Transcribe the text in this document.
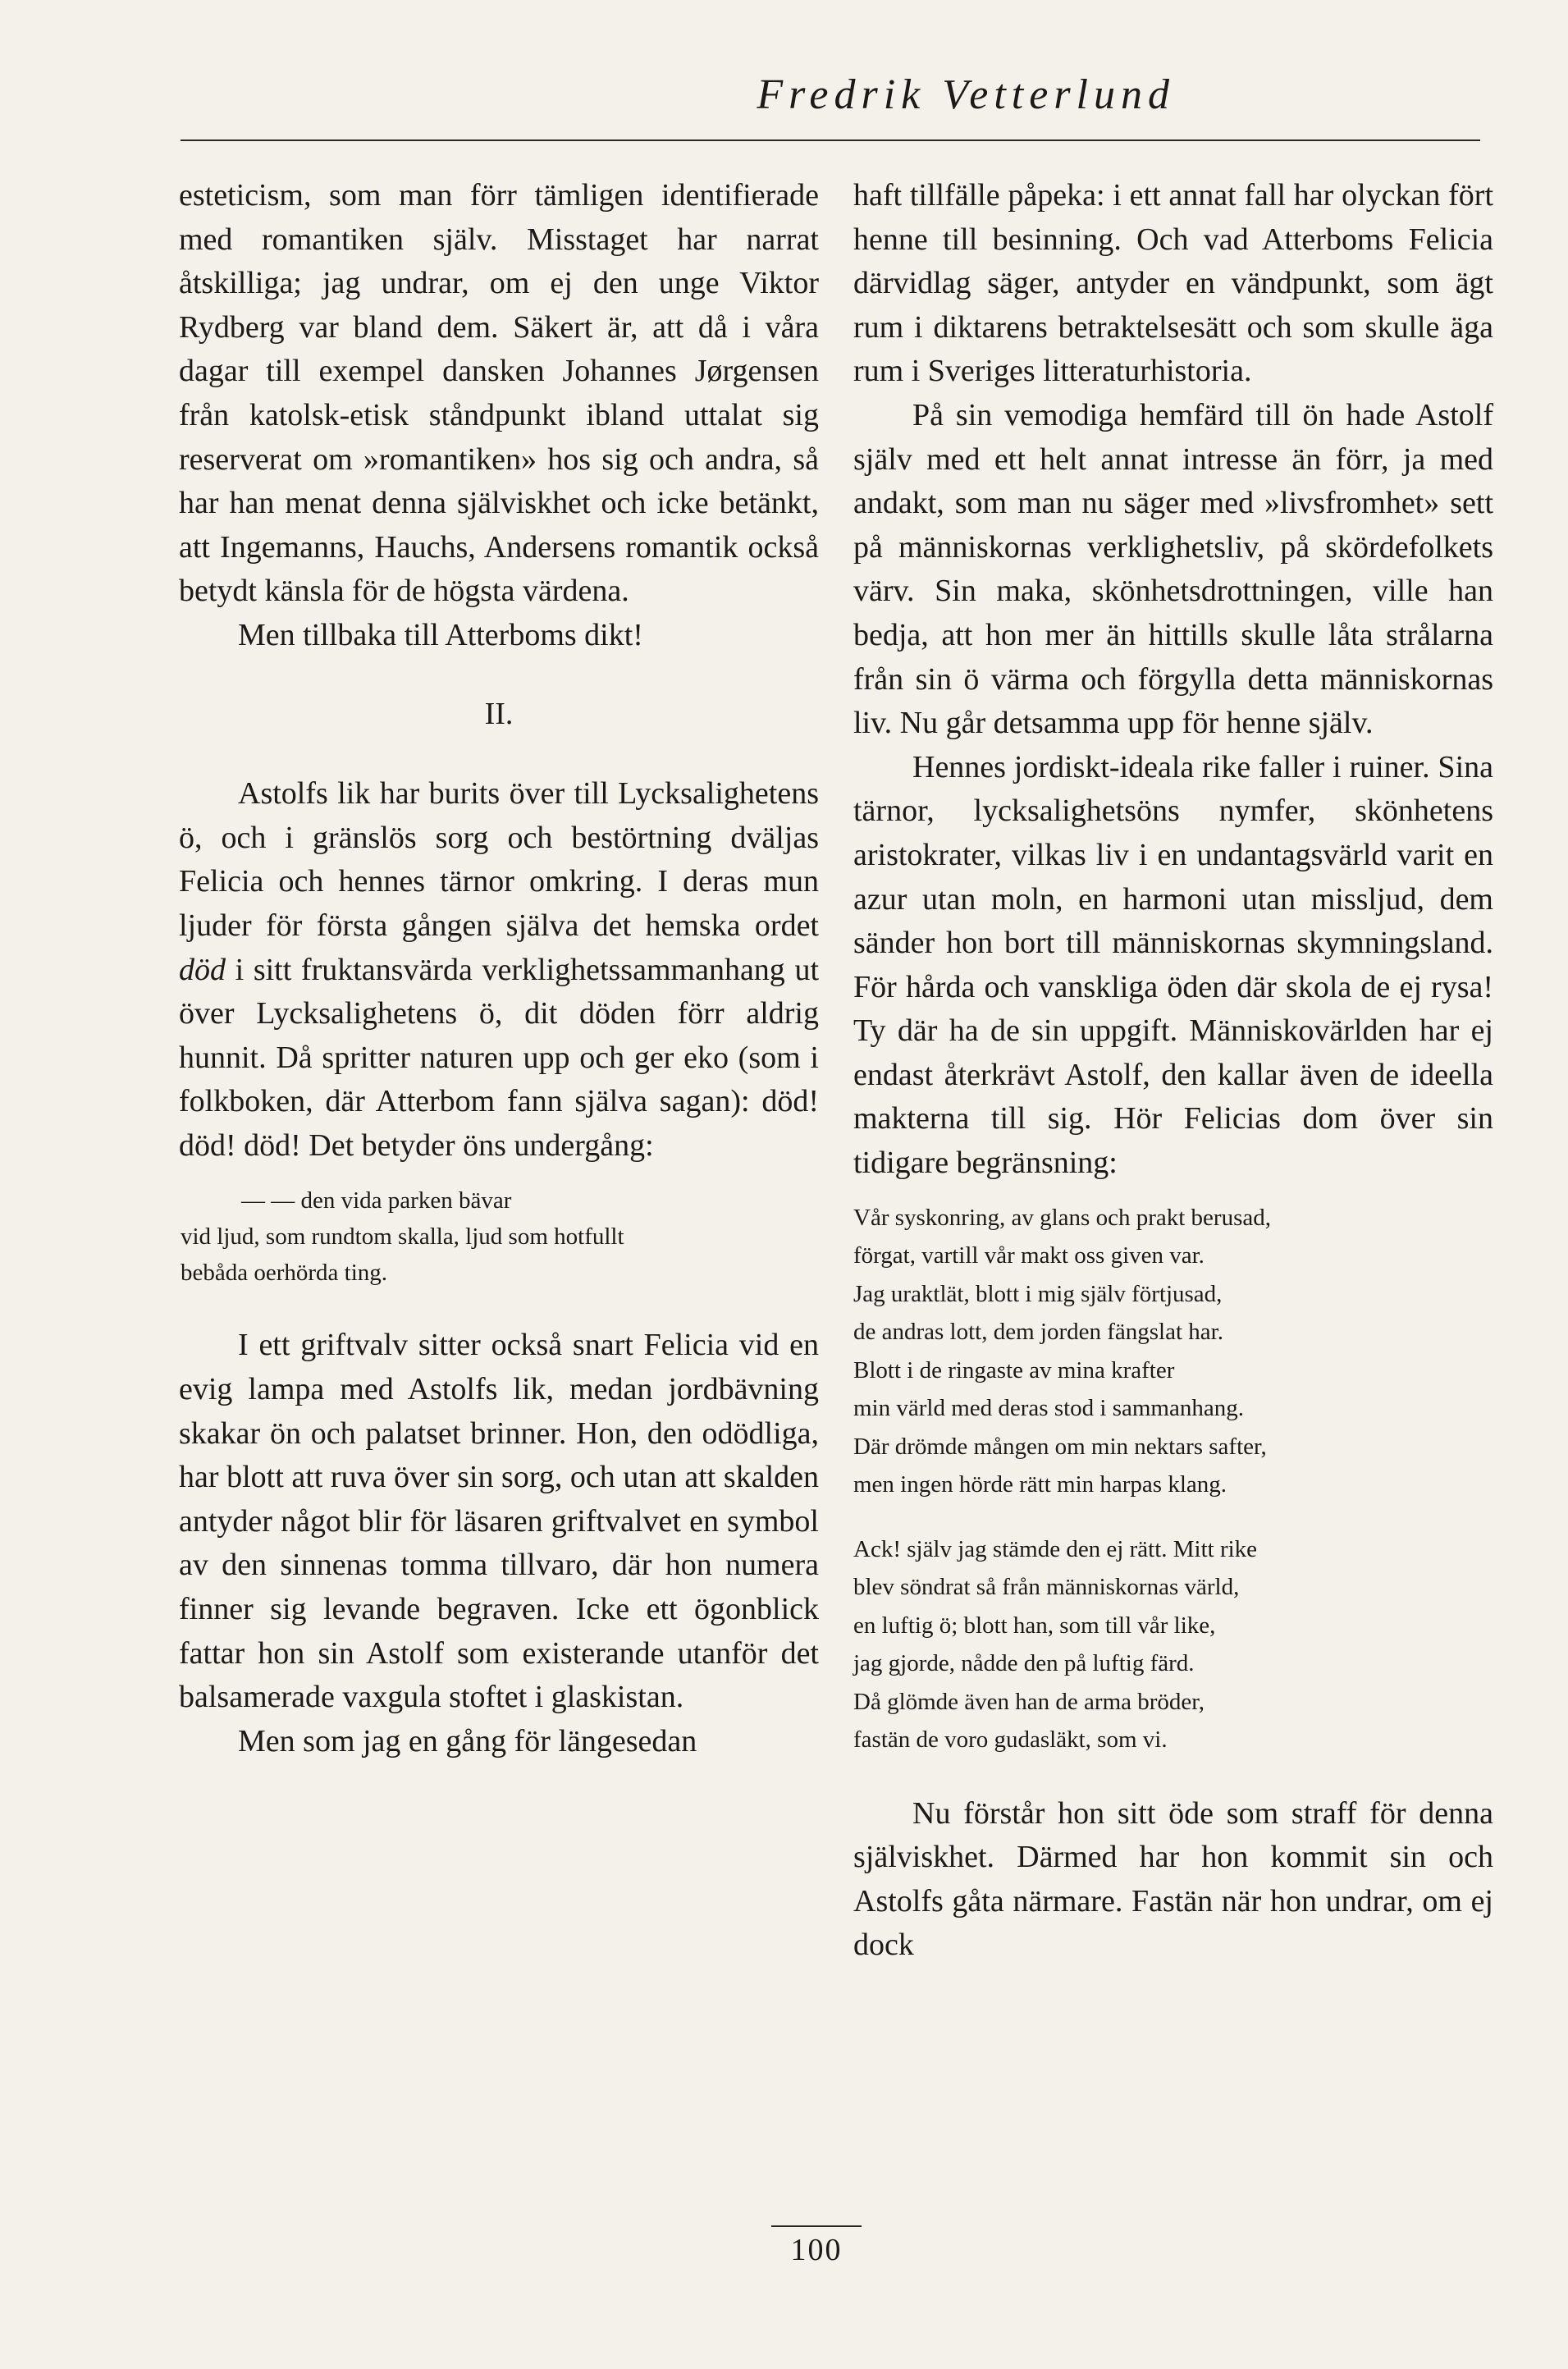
Fredrik Vetterlund

esteticism, som man förr tämligen identifierade med romantiken själv. Misstaget har narrat åtskilliga; jag undrar, om ej den unge Viktor Rydberg var bland dem. Säkert är, att då i våra dagar till exempel dansken Johannes Jørgensen från katolsk-etisk ståndpunkt ibland uttalat sig reserverat om »romantiken» hos sig och andra, så har han menat denna själviskhet och icke betänkt, att Ingemanns, Hauchs, Andersens romantik också betydt känsla för de högsta värdena.

Men tillbaka till Atterboms dikt!

II.

Astolfs lik har burits över till Lycksalighetens ö, och i gränslös sorg och bestörtning dväljas Felicia och hennes tärnor omkring. I deras mun ljuder för första gången själva det hemska ordet död i sitt fruktansvärda verklighetssammanhang ut över Lycksalighetens ö, dit döden förr aldrig hunnit. Då spritter naturen upp och ger eko (som i folkboken, där Atterbom fann själva sagan): död! död! död! Det betyder öns undergång:

— — den vida parken bävar
vid ljud, som rundtom skalla, ljud som hotfullt
bebåda oerhörda ting.

I ett griftvalv sitter också snart Felicia vid en evig lampa med Astolfs lik, medan jordbävning skakar ön och palatset brinner. Hon, den odödliga, har blott att ruva över sin sorg, och utan att skalden antyder något blir för läsaren griftvalvet en symbol av den sinnenas tomma tillvaro, där hon numera finner sig levande begraven. Icke ett ögonblick fattar hon sin Astolf som existerande utanför det balsamerade vaxgula stoftet i glaskistan.

Men som jag en gång för längesedan

haft tillfälle påpeka: i ett annat fall har olyckan fört henne till besinning. Och vad Atterboms Felicia därvidlag säger, antyder en vändpunkt, som ägt rum i diktarens betraktelsesätt och som skulle äga rum i Sveriges litteraturhistoria.

På sin vemodiga hemfärd till ön hade Astolf själv med ett helt annat intresse än förr, ja med andakt, som man nu säger med »livsfromhet» sett på människornas verklighetsliv, på skördefolkets värv. Sin maka, skönhetsdrottningen, ville han bedja, att hon mer än hittills skulle låta strålarna från sin ö värma och förgylla detta människornas liv. Nu går detsamma upp för henne själv.

Hennes jordiskt-ideala rike faller i ruiner. Sina tärnor, lycksalighetsöns nymfer, skönhetens aristokrater, vilkas liv i en undantagsvärld varit en azur utan moln, en harmoni utan missljud, dem sänder hon bort till människornas skymningsland. För hårda och vanskliga öden där skola de ej rysa! Ty där ha de sin uppgift. Människovärlden har ej endast återkrävt Astolf, den kallar även de ideella makterna till sig. Hör Felicias dom över sin tidigare begränsning:

Vår syskonring, av glans och prakt berusad,
förgat, vartill vår makt oss given var.
Jag uraktlät, blott i mig själv förtjusad,
de andras lott, dem jorden fängslat har.
Blott i de ringaste av mina krafter
min värld med deras stod i sammanhang.
Där drömde mången om min nektars safter,
men ingen hörde rätt min harpas klang.
Ack! själv jag stämde den ej rätt. Mitt rike
blev söndrat så från människornas värld,
en luftig ö; blott han, som till vår like,
jag gjorde, nådde den på luftig färd.
Då glömde även han de arma bröder,
fastän de voro gudasläkt, som vi.

Nu förstår hon sitt öde som straff för denna själviskhet. Därmed har hon kommit sin och Astolfs gåta närmare. Fastän när hon undrar, om ej dock

100
